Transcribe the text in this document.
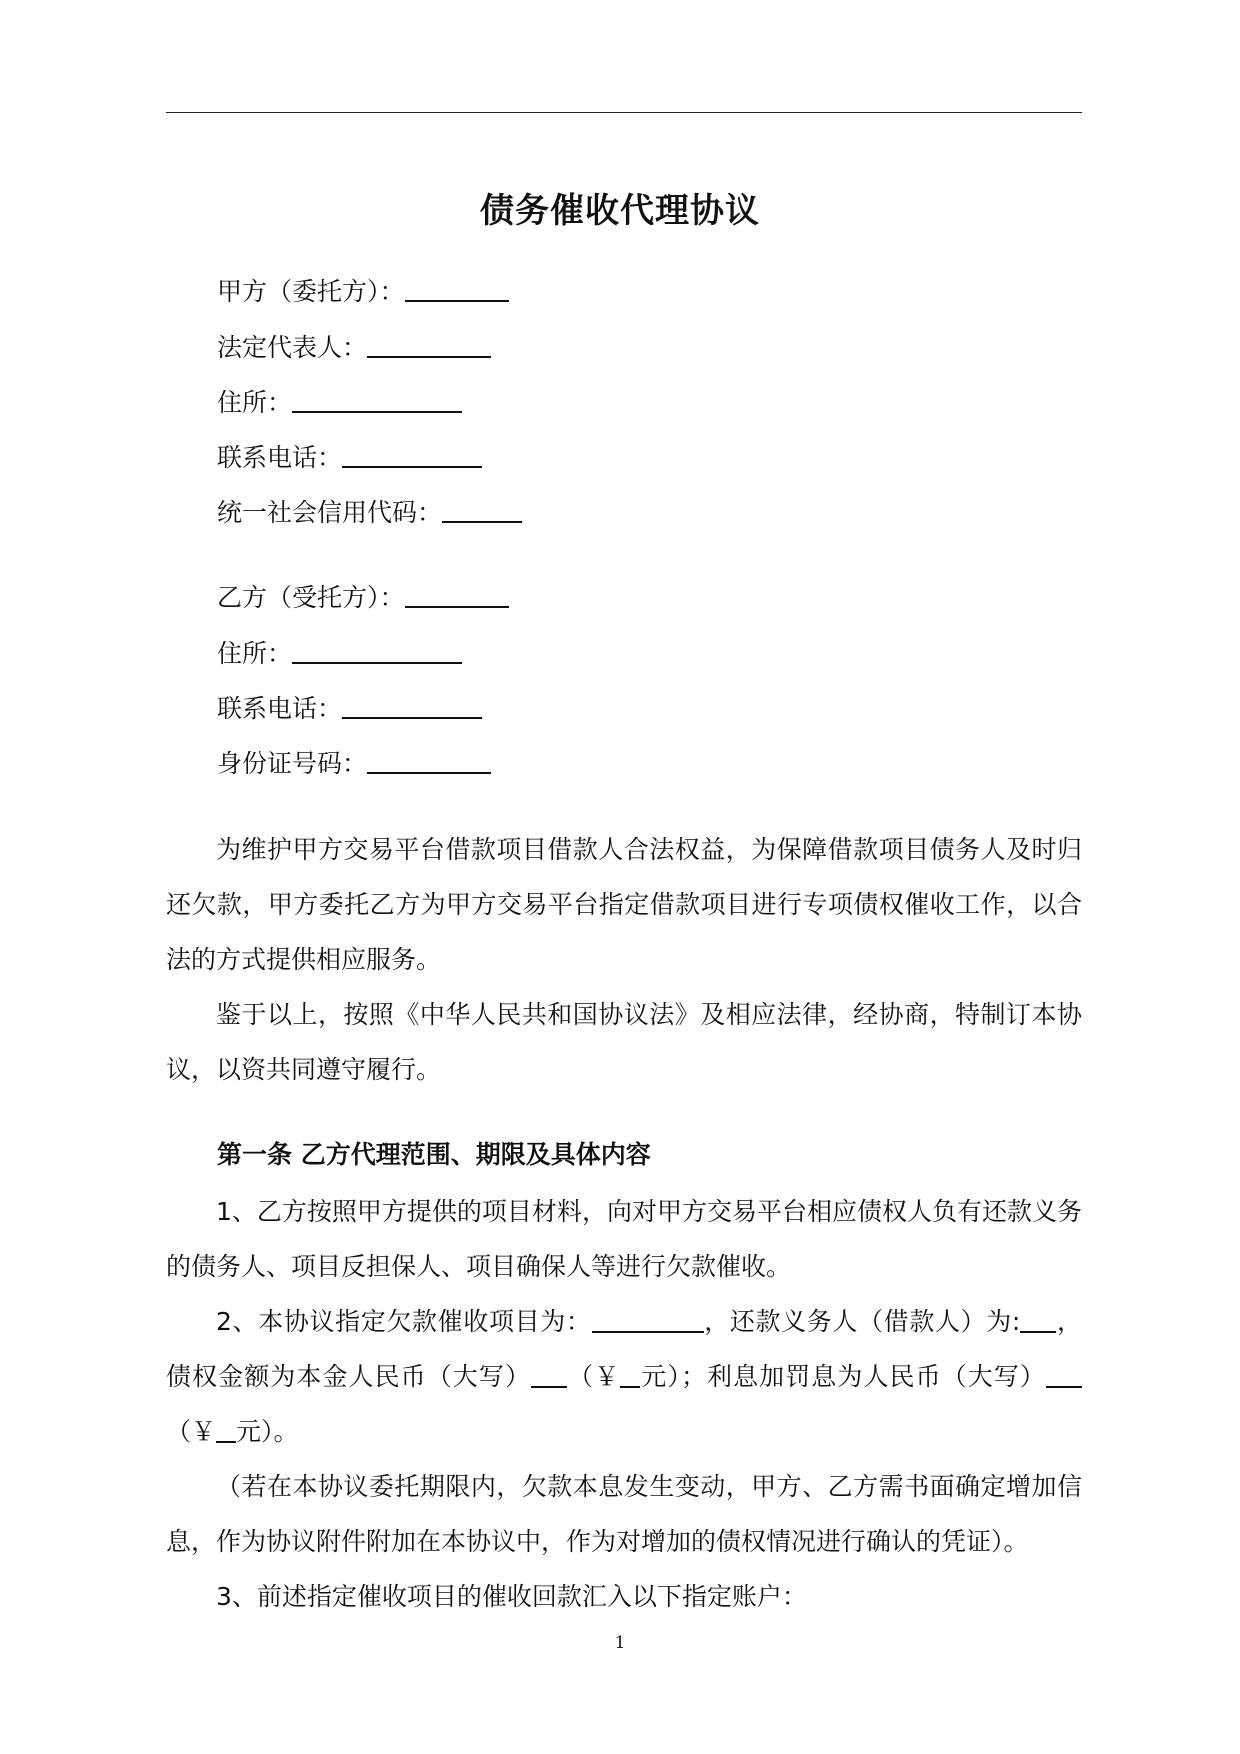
债务催收代理协议
甲方（委托方）：
法定代表人：
住所：
联系电话：
统一社会信用代码：
乙方（受托方）：
住所：
联系电话：
身份证号码：

为维护甲方交易平台借款项目借款人合法权益，为保障借款项目债务人及时归还欠款，甲方委托乙方为甲方交易平台指定借款项目进行专项债权催收工作，以合法的方式提供相应服务。

鉴于以上，按照《中华人民共和国协议法》及相应法律，经协商，特制订本协议，以资共同遵守履行。

第一条 乙方代理范围、期限及具体内容

1、乙方按照甲方提供的项目材料，向对甲方交易平台相应债权人负有还款义务的债务人、项目反担保人、项目确保人等进行欠款催收。

2、本协议指定欠款催收项目为：	，还款义务人（借款人）为: ，债权金额为本金人民币（大写） （￥ 元）；利息加罚息为人民币（大写）（￥ 元）。

（若在本协议委托期限内，欠款本息发生变动，甲方、乙方需书面确定增加信息，作为协议附件附加在本协议中，作为对增加的债权情况进行确认的凭证）。

3、前述指定催收项目的催收回款汇入以下指定账户：

1
